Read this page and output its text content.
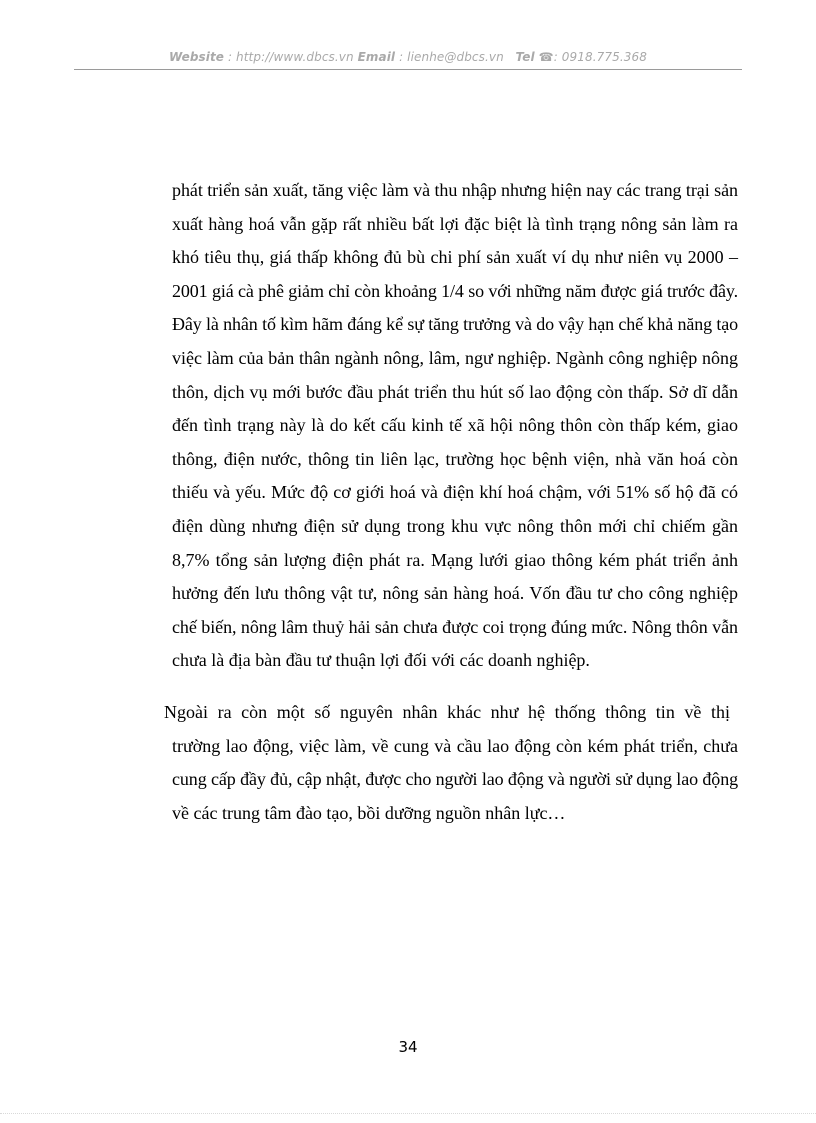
Website : http://www.dbcs.vn Email : lienhe@dbcs.vn Tel ☎: 0918.775.368
phát triển sản xuất, tăng việc làm và thu nhập nhưng hiện nay các trang trại sản
xuất hàng hoá vẫn gặp rất nhiều bất lợi đặc biệt là tình trạng nông sản làm ra
khó tiêu thụ, giá thấp không đủ bù chi phí sản xuất ví dụ như niên vụ 2000 –
2001 giá cà phê giảm chỉ còn khoảng 1/4 so với những năm được giá trước đây.
Đây là nhân tố kìm hãm đáng kể sự tăng trưởng và do vậy hạn chế khả năng tạo
việc làm của bản thân ngành nông, lâm, ngư nghiệp. Ngành công nghiệp nông
thôn, dịch vụ mới bước đầu phát triển thu hút số lao động còn thấp. Sở dĩ dẫn
đến tình trạng này là do kết cấu kinh tế xã hội nông thôn còn thấp kém, giao
thông, điện nước, thông tin liên lạc, trường học bệnh viện, nhà văn hoá còn
thiếu và yếu. Mức độ cơ giới hoá và điện khí hoá chậm, với 51% số hộ đã có
điện dùng nhưng điện sử dụng trong khu vực nông thôn mới chỉ chiếm gần
8,7% tổng sản lượng điện phát ra. Mạng lưới giao thông kém phát triển ảnh
hưởng đến lưu thông vật tư, nông sản hàng hoá. Vốn đầu tư cho công nghiệp
chế biến, nông lâm thuỷ hải sản chưa được coi trọng đúng mức. Nông thôn vẫn
chưa là địa bàn đầu tư thuận lợi đối với các doanh nghiệp.
Ngoài ra còn một số nguyên nhân khác như hệ thống thông tin về thị
trường lao động, việc làm, về cung và cầu lao động còn kém phát triển, chưa
cung cấp đầy đủ, cập nhật, được cho người lao động và người sử dụng lao động
về các trung tâm đào tạo, bồi dưỡng nguồn nhân lực…
34
